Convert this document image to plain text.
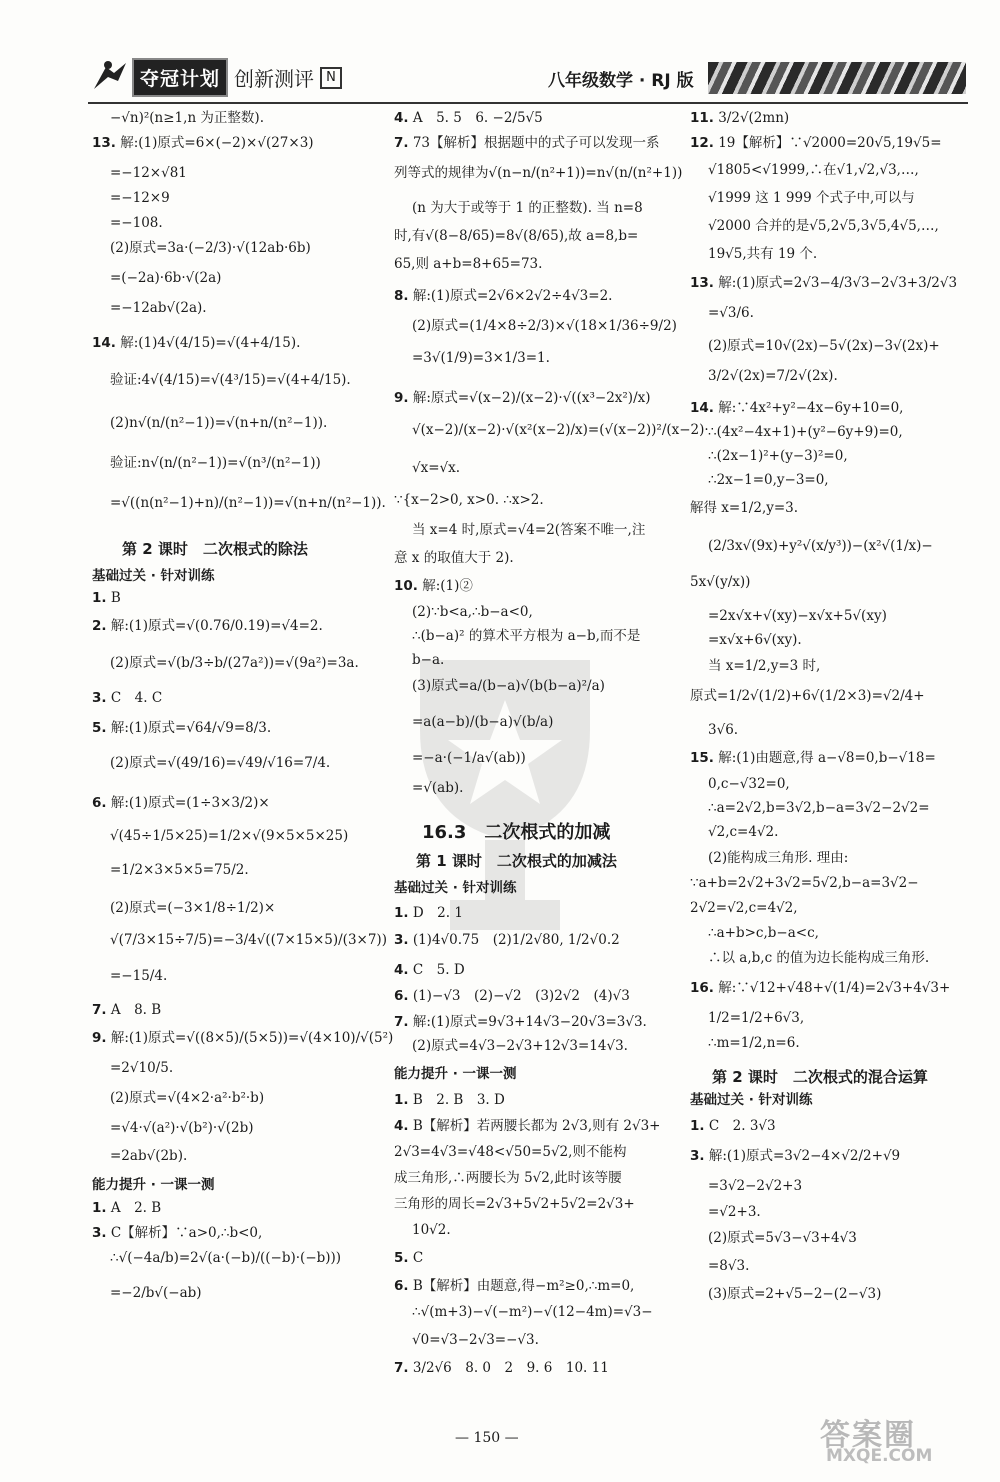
夺冠计划 创新测评 N	八年级数学 · RJ 版
−√n)²(n≥1,n 为正整数).
13. 解:(1)原式=6×(−2)×√(27×3)
=−12×√81
=−12×9
=−108.
(2)原式=3a·(−2/3)·√(12ab·6b)
=(−2a)·6b·√(2a)
=−12ab√(2a).
14. 解:(1)4√(4/15)=√(4+4/15).
验证:4√(4/15)=√(4³/15)=√(4+4/15).
(2)n√(n/(n²−1))=√(n+n/(n²−1)).
验证:n√(n/(n²−1))=√(n³/(n²−1))
=√((n(n²−1)+n)/(n²−1))=√(n+n/(n²−1)).
第 2 课时　二次根式的除法
基础过关 · 针对训练
1. B
2. 解:(1)原式=√(0.76/0.19)=√4=2.
(2)原式=√(b/3÷b/(27a²))=√(9a²)=3a.
3. C　4. C
5. 解:(1)原式=√64/√9=8/3.
(2)原式=√(49/16)=√49/√16=7/4.
6. 解:(1)原式=(1÷3×3/2)×
√(45÷1/5×25)=1/2×√(9×5×5×25)
=1/2×3×5×5=75/2.
(2)原式=(−3×1/8÷1/2)×
√(7/3×15÷7/5)=−3/4√((7×15×5)/(3×7))
=−15/4.
7. A　8. B
9. 解:(1)原式=√((8×5)/(5×5))=√(4×10)/√(5²)
=2√10/5.
(2)原式=√(4×2·a²·b²·b)
=√4·√(a²)·√(b²)·√(2b)
=2ab√(2b).
能力提升 · 一课一测
1. A　2. B
3. C【解析】∵a>0,∴b<0,
∴√(−4a/b)=2√(a·(−b)/((−b)·(−b)))
=−2/b√(−ab)
4. A　5. 5　6. −2/5√5
7. 73【解析】根据题中的式子可以发现一系
列等式的规律为√(n−n/(n²+1))=n√(n/(n²+1))
(n 为大于或等于 1 的正整数). 当 n=8
时,有√(8−8/65)=8√(8/65),故 a=8,b=
65,则 a+b=8+65=73.
8. 解:(1)原式=2√6×2√2÷4√3=2.
(2)原式=(1/4×8÷2/3)×√(18×1/36÷9/2)
=3√(1/9)=3×1/3=1.
9. 解:原式=√(x−2)/(x−2)·√((x³−2x²)/x)
√(x−2)/(x−2)·√(x²(x−2)/x)=(√(x−2))²/(x−2)·
√x=√x.
∵{x−2>0, x>0. ∴x>2.
当 x=4 时,原式=√4=2(答案不唯一,注
意 x 的取值大于 2).
10. 解:(1)②
(2)∵b<a,∴b−a<0,
∴(b−a)² 的算术平方根为 a−b,而不是
b−a.
(3)原式=a/(b−a)√(b(b−a)²/a)
=a(a−b)/(b−a)√(b/a)
=−a·(−1/a√(ab))
=√(ab).
16.3　二次根式的加减
第 1 课时　二次根式的加减法
基础过关 · 针对训练
1. D　2. 1
3. (1)4√0.75　(2)1/2√80, 1/2√0.2
4. C　5. D
6. (1)−√3　(2)−√2　(3)2√2　(4)√3
7. 解:(1)原式=9√3+14√3−20√3=3√3.
(2)原式=4√3−2√3+12√3=14√3.
能力提升 · 一课一测
1. B　2. B　3. D
4. B【解析】若两腰长都为 2√3,则有 2√3+
2√3=4√3=√48<√50=5√2,则不能构
成三角形,∴两腰长为 5√2,此时该等腰
三角形的周长=2√3+5√2+5√2=2√3+
10√2.
5. C
6. B【解析】由题意,得−m²≥0,∴m=0,
∴√(m+3)−√(−m²)−√(12−4m)=√3−
√0=√3−2√3=−√3.
7. 3/2√6　8. 0　2　9. 6　10. 11
11. 3/2√(2mn)
12. 19【解析】∵√2000=20√5,19√5=
√1805<√1999,∴在√1,√2,√3,…,
√1999 这 1 999 个式子中,可以与
√2000 合并的是√5,2√5,3√5,4√5,…,
19√5,共有 19 个.
13. 解:(1)原式=2√3−4/3√3−2√3+3/2√3
=√3/6.
(2)原式=10√(2x)−5√(2x)−3√(2x)+
3/2√(2x)=7/2√(2x).
14. 解:∵4x²+y²−4x−6y+10=0,
∴(4x²−4x+1)+(y²−6y+9)=0,
∴(2x−1)²+(y−3)²=0,
∴2x−1=0,y−3=0,
解得 x=1/2,y=3.
(2/3x√(9x)+y²√(x/y³))−(x²√(1/x)−
5x√(y/x))
=2x√x+√(xy)−x√x+5√(xy)
=x√x+6√(xy).
当 x=1/2,y=3 时,
原式=1/2√(1/2)+6√(1/2×3)=√2/4+
3√6.
15. 解:(1)由题意,得 a−√8=0,b−√18=
0,c−√32=0,
∴a=2√2,b=3√2,b−a=3√2−2√2=
√2,c=4√2.
(2)能构成三角形. 理由:
∵a+b=2√2+3√2=5√2,b−a=3√2−
2√2=√2,c=4√2,
∴a+b>c,b−a<c,
∴以 a,b,c 的值为边长能构成三角形.
16. 解:∵√12+√48+√(1/4)=2√3+4√3+
1/2=1/2+6√3,
∴m=1/2,n=6.
第 2 课时　二次根式的混合运算
基础过关 · 针对训练
1. C　2. 3√3
3. 解:(1)原式=3√2−4×√2/2+√9
=3√2−2√2+3
=√2+3.
(2)原式=5√3−√3+4√3
=8√3.
(3)原式=2+√5−2−(2−√3)
— 150 —	答案圈
MXQE.COM
